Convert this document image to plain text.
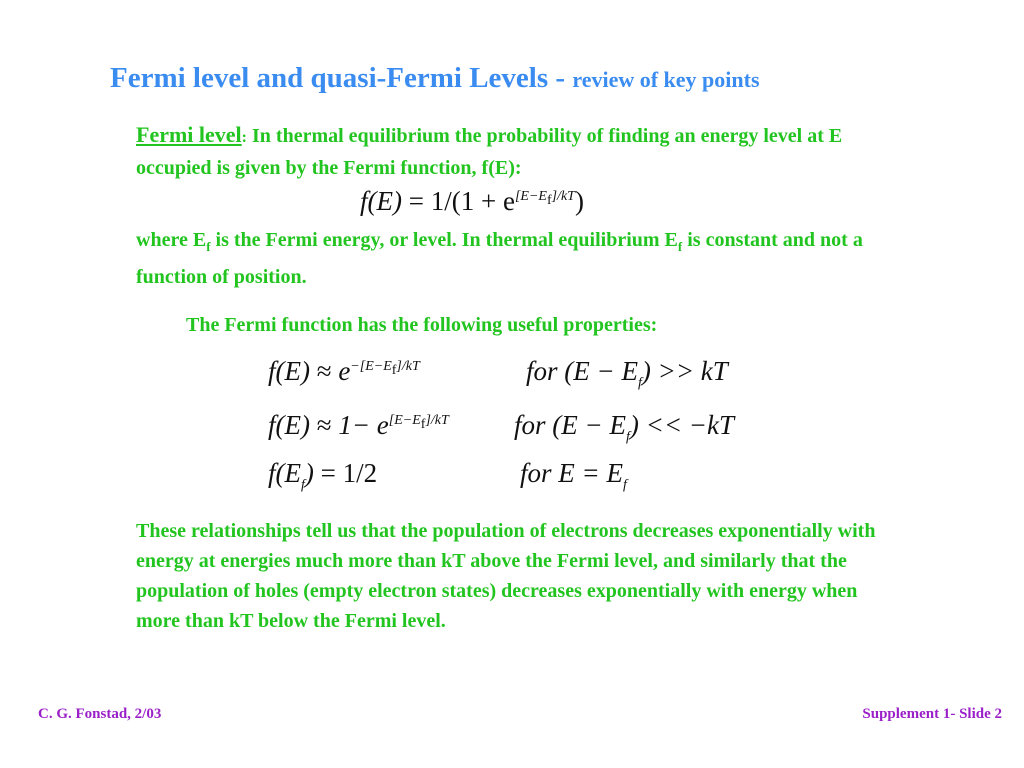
Fermi level and quasi-Fermi Levels - review of key points
Fermi level: In thermal equilibrium the probability of finding an energy level at E occupied is given by the Fermi function, f(E):
$f(E) = 1/(1 + e^{[E-E_f]/kT})$
where $E_f$ is the Fermi energy, or level. In thermal equilibrium $E_f$ is constant and not a function of position.
The Fermi function has the following useful properties:
$f(E) \approx e^{-[E-E_f]/kT}$	for $(E - E_f)$ >> kT
$f(E) \approx 1- e^{[E-E_f]/kT}$ for $(E - E_f) << -kT$
$f(E_f) = 1/2$	for $E = E_f$
These relationships tell us that the population of electrons decreases exponentially with energy at energies much more than kT above the Fermi level, and similarly that the population of holes (empty electron states) decreases exponentially with energy when more than kT below the Fermi level.
C. G. Fonstad, 2/03	Supplement 1- Slide 2
